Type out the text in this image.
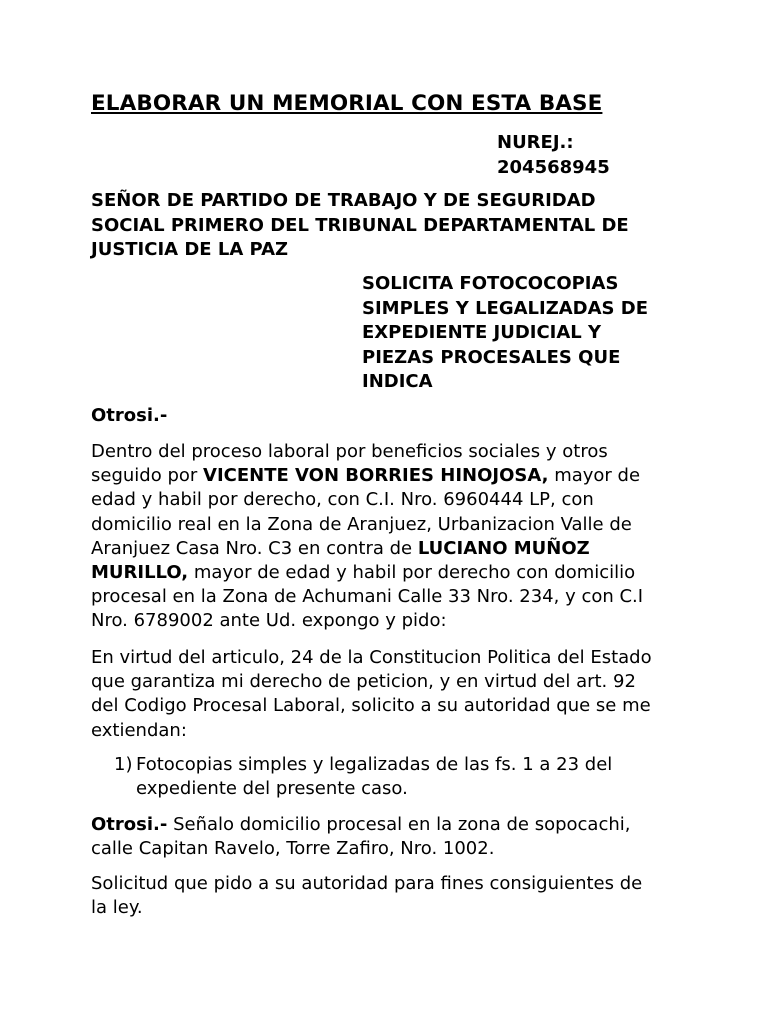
ELABORAR UN MEMORIAL CON ESTA BASE
NUREJ.:
204568945
SEÑOR DE PARTIDO DE TRABAJO Y DE SEGURIDAD
SOCIAL PRIMERO DEL TRIBUNAL DEPARTAMENTAL DE
JUSTICIA DE LA PAZ
SOLICITA FOTOCOCOPIAS
SIMPLES Y LEGALIZADAS DE
EXPEDIENTE JUDICIAL Y
PIEZAS PROCESALES QUE
INDICA
Otrosi.-
Dentro del proceso laboral por beneficios sociales y otros
seguido por VICENTE VON BORRIES HINOJOSA, mayor de
edad y habil por derecho, con C.I. Nro. 6960444 LP, con
domicilio real en la Zona de Aranjuez, Urbanizacion Valle de
Aranjuez Casa Nro. C3 en contra de LUCIANO MUÑOZ
MURILLO, mayor de edad y habil por derecho con domicilio
procesal en la Zona de Achumani Calle 33 Nro. 234, y con C.I
Nro. 6789002 ante Ud. expongo y pido:
En virtud del articulo, 24 de la Constitucion Politica del Estado
que garantiza mi derecho de peticion, y en virtud del art. 92
del Codigo Procesal Laboral, solicito a su autoridad que se me
extiendan:
1) Fotocopias simples y legalizadas de las fs. 1 a 23 del
expediente del presente caso.
Otrosi.- Señalo domicilio procesal en la zona de sopocachi,
calle Capitan Ravelo, Torre Zafiro, Nro. 1002.
Solicitud que pido a su autoridad para fines consiguientes de
la ley.
